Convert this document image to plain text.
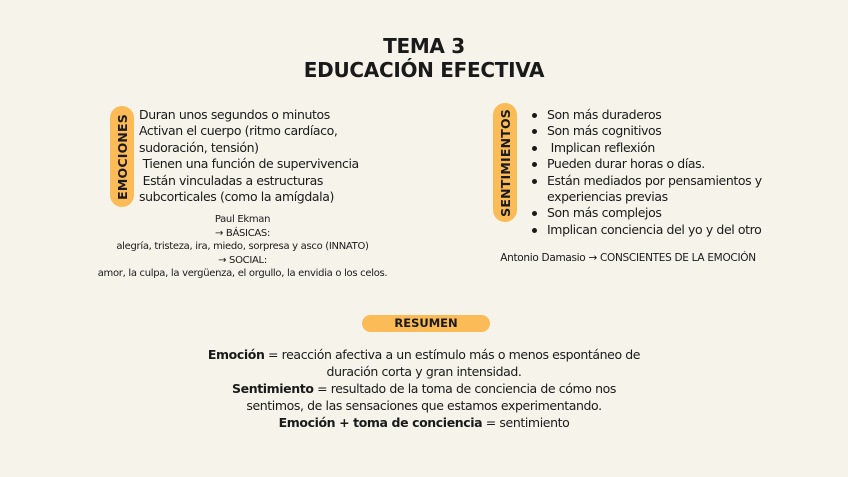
TEMA 3
EDUCACIÓN EFECTIVA
EMOCIONES Duran unos segundos o minutos
Activan el cuerpo (ritmo cardíaco,
sudoración, tensión)
Tienen una función de supervivencia
Están vinculadas a estructuras
subcorticales (como la amígdala)
Paul Ekman
→ BÁSICAS:
alegría, tristeza, ira, miedo, sorpresa y asco (INNATO)
→ SOCIAL:
amor, la culpa, la vergüenza, el orgullo, la envidia o los celos.
SENTIMIENTOS	Son más duraderos
Son más cognitivos
Implican reflexión
Pueden durar horas o días.
Están mediados por pensamientos y
experiencias previas
Son más complejos
Implican conciencia del yo y del otro
Antonio Damasio → CONSCIENTES DE LA EMOCIÓN
RESUMEN
Emoción = reacción afectiva a un estímulo más o menos espontáneo de
duración corta y gran intensidad.
Sentimiento = resultado de la toma de conciencia de cómo nos
sentimos, de las sensaciones que estamos experimentando.
Emoción + toma de conciencia = sentimiento
